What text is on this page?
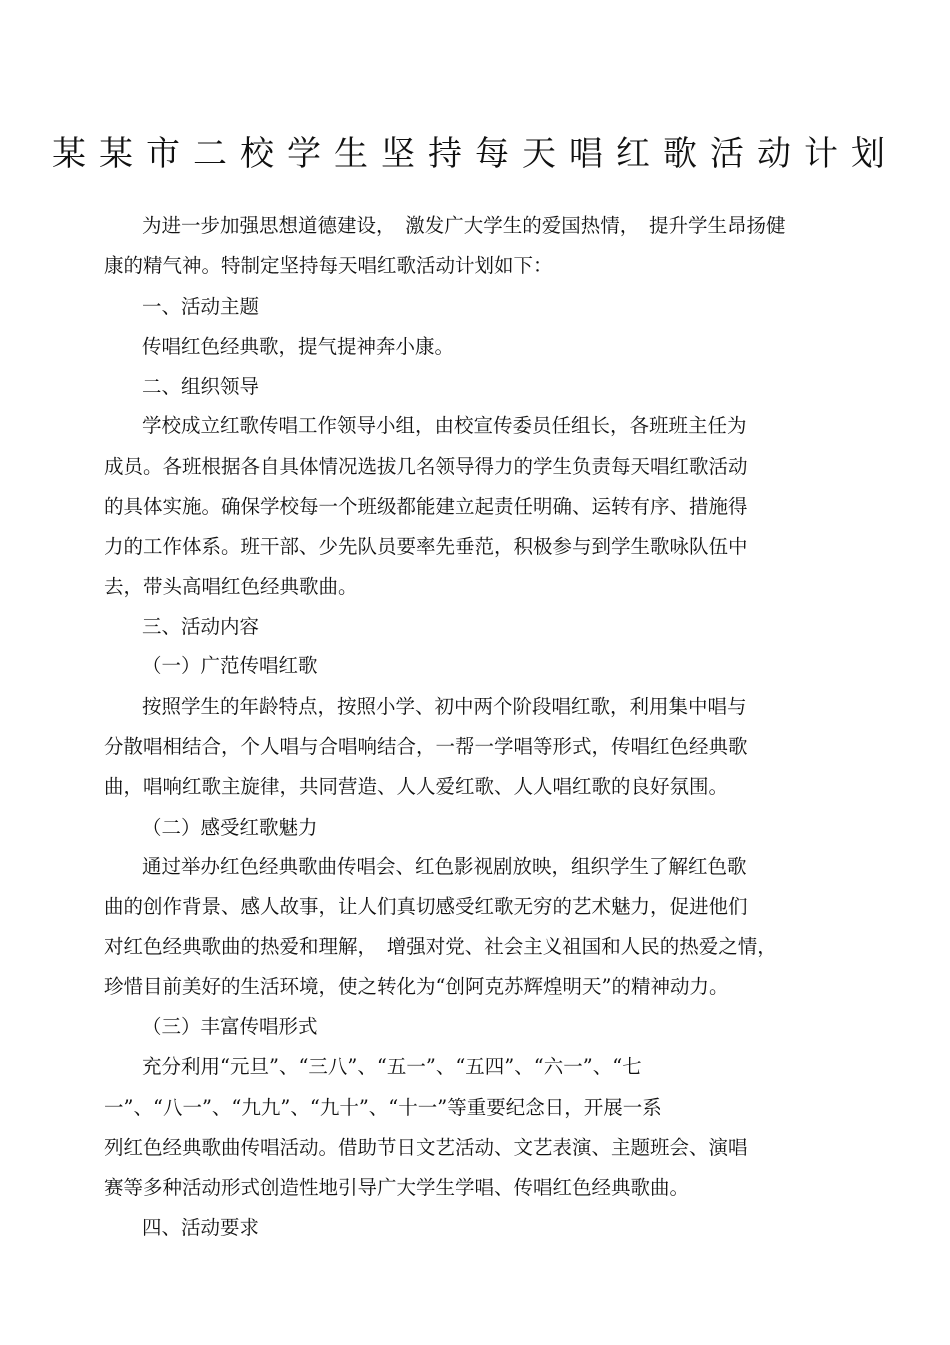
某某市二校学生坚持每天唱红歌活动计划
为进一步加强思想道德建设，　激发广大学生的爱国热情，　提升学生昂扬健
康的精气神。特制定坚持每天唱红歌活动计划如下：
一、活动主题
传唱红色经典歌，提气提神奔小康。
二、组织领导
学校成立红歌传唱工作领导小组，由校宣传委员任组长，各班班主任为
成员。各班根据各自具体情况选拔几名领导得力的学生负责每天唱红歌活动
的具体实施。确保学校每一个班级都能建立起责任明确、运转有序、措施得
力的工作体系。班干部、少先队员要率先垂范，积极参与到学生歌咏队伍中
去，带头高唱红色经典歌曲。
三、活动内容
（一）广范传唱红歌
按照学生的年龄特点，按照小学、初中两个阶段唱红歌，利用集中唱与
分散唱相结合，个人唱与合唱响结合，一帮一学唱等形式，传唱红色经典歌
曲，唱响红歌主旋律，共同营造、人人爱红歌、人人唱红歌的良好氛围。
（二）感受红歌魅力
通过举办红色经典歌曲传唱会、红色影视剧放映，组织学生了解红色歌
曲的创作背景、感人故事，让人们真切感受红歌无穷的艺术魅力，促进他们
对红色经典歌曲的热爱和理解，　增强对党、社会主义祖国和人民的热爱之情，
珍惜目前美好的生活环境，使之转化为“创阿克苏辉煌明天”的精神动力。
（三）丰富传唱形式
充分利用“元旦”、“三八”、“五一”、“五四”、“六一”、“七
一”、“八一”、“九九”、“九十”、“十一”等重要纪念日，开展一系
列红色经典歌曲传唱活动。借助节日文艺活动、文艺表演、主题班会、演唱
赛等多种活动形式创造性地引导广大学生学唱、传唱红色经典歌曲。
四、活动要求
